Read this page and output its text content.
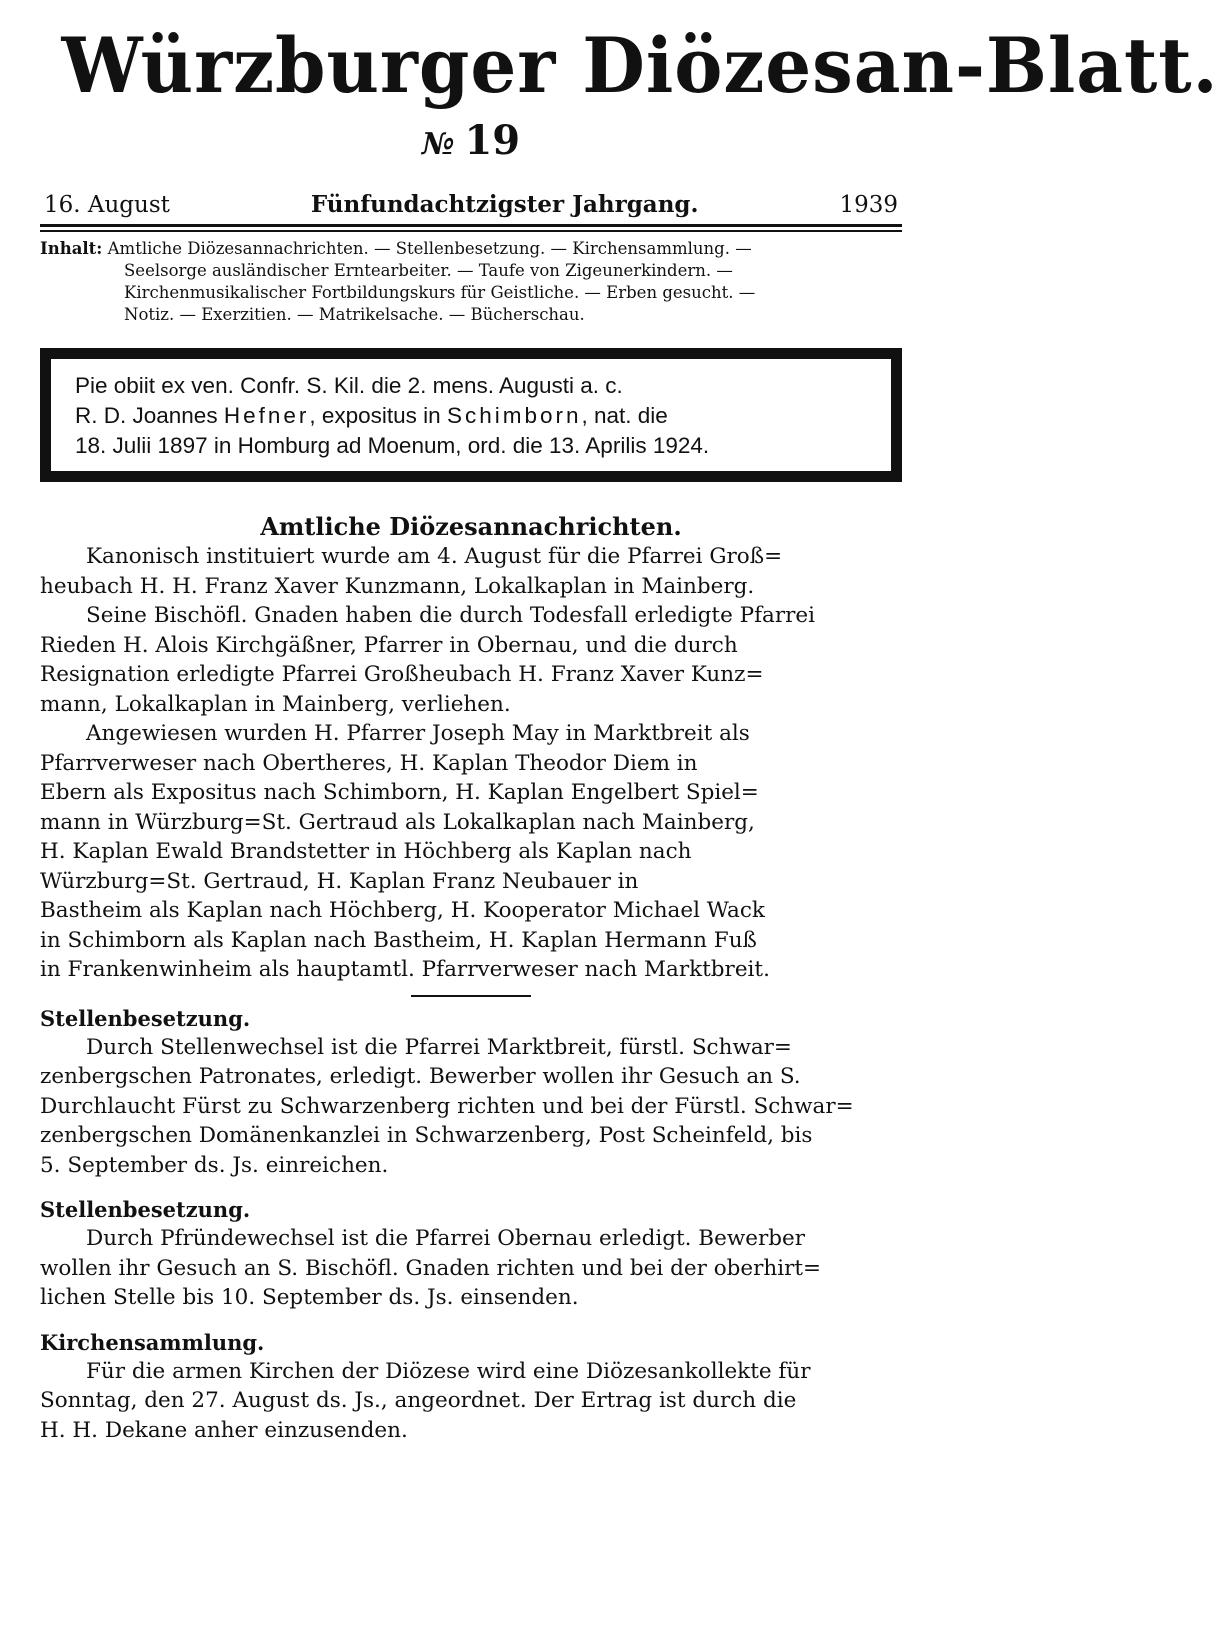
Würzburger Diözesan-Blatt.
№ 19
16. August	Fünfundachtzigster Jahrgang.	1939
Inhalt: Amtliche Diözesannachrichten. — Stellenbesetzung. — Kirchensammlung. —
Seelsorge ausländischer Erntearbeiter. — Taufe von Zigeunerkindern. —
Kirchenmusikalischer Fortbildungskurs für Geistliche. — Erben gesucht. —
Notiz. — Exerzitien. — Matrikelsache. — Bücherschau.
Pie obiit ex ven. Confr. S. Kil. die 2. mens. Augusti a. c.
R. D. Joannes Hefner, expositus in Schimborn, nat. die
18. Julii 1897 in Homburg ad Moenum, ord. die 13. Aprilis 1924.
Amtliche Diözesannachrichten.
Kanonisch instituiert wurde am 4. August für die Pfarrei Groß=
heubach H. H. Franz Xaver Kunzmann, Lokalkaplan in Mainberg.
Seine Bischöfl. Gnaden haben die durch Todesfall erledigte Pfarrei
Rieden H. Alois Kirchgäßner, Pfarrer in Obernau, und die durch
Resignation erledigte Pfarrei Großheubach H. Franz Xaver Kunz=
mann, Lokalkaplan in Mainberg, verliehen.
Angewiesen wurden H. Pfarrer Joseph May in Marktbreit als
Pfarrverweser nach Obertheres, H. Kaplan Theodor Diem in
Ebern als Expositus nach Schimborn, H. Kaplan Engelbert Spiel=
mann in Würzburg=St. Gertraud als Lokalkaplan nach Mainberg,
H. Kaplan Ewald Brandstetter in Höchberg als Kaplan nach
Würzburg=St. Gertraud, H. Kaplan Franz Neubauer in
Bastheim als Kaplan nach Höchberg, H. Kooperator Michael Wack
in Schimborn als Kaplan nach Bastheim, H. Kaplan Hermann Fuß
in Frankenwinheim als hauptamtl. Pfarrverweser nach Marktbreit.
Stellenbesetzung.
Durch Stellenwechsel ist die Pfarrei Marktbreit, fürstl. Schwar=
zenbergschen Patronates, erledigt. Bewerber wollen ihr Gesuch an S.
Durchlaucht Fürst zu Schwarzenberg richten und bei der Fürstl. Schwar=
zenbergschen Domänenkanzlei in Schwarzenberg, Post Scheinfeld, bis
5. September ds. Js. einreichen.
Stellenbesetzung.
Durch Pfründewechsel ist die Pfarrei Obernau erledigt. Bewerber
wollen ihr Gesuch an S. Bischöfl. Gnaden richten und bei der oberhirt=
lichen Stelle bis 10. September ds. Js. einsenden.
Kirchensammlung.
Für die armen Kirchen der Diözese wird eine Diözesankollekte für
Sonntag, den 27. August ds. Js., angeordnet. Der Ertrag ist durch die
H. H. Dekane anher einzusenden.
